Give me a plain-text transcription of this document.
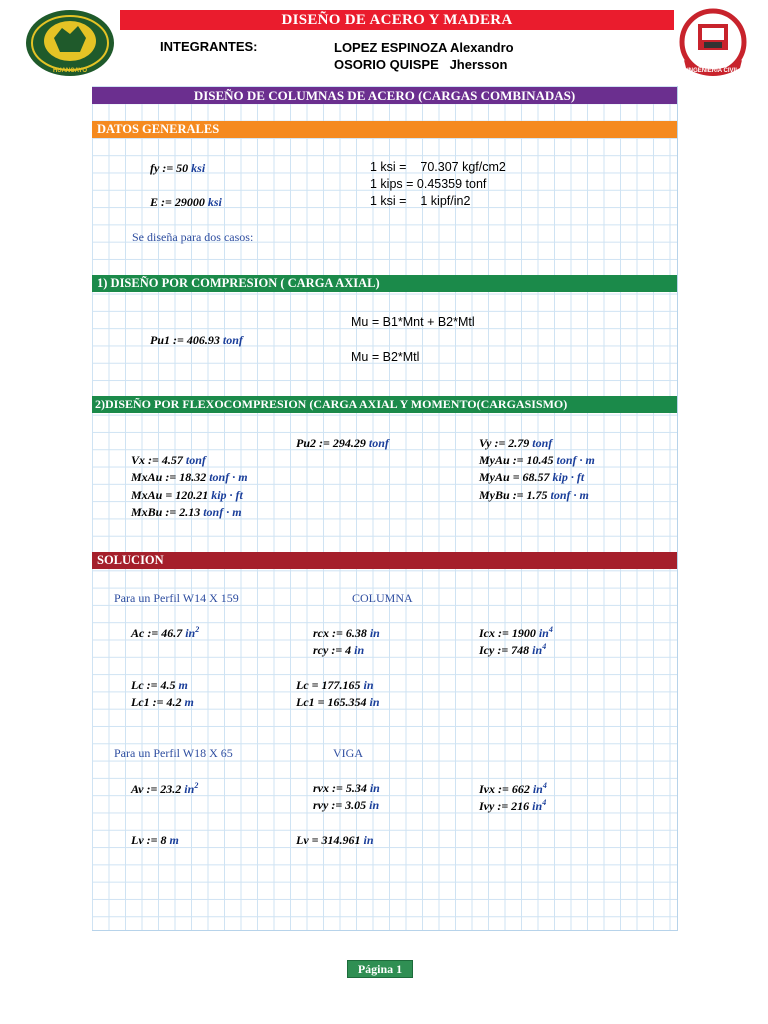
DISEÑO DE ACERO Y MADERA
HUANCAYO	INGENIERIA CIVIL
INTEGRANTES:	LOPEZ ESPINOZA Alexandro
OSORIO QUISPE   Jhersson
DISEÑO DE COLUMNAS DE ACERO (CARGAS COMBINADAS)
DATOS GENERALES
fy := 50 ksi
E := 29000 ksi
1 ksi =    70.307 kgf/cm2
1 kips = 0.45359 tonf
1 ksi =    1 kipf/in2
Se diseña para dos casos:
1) DISEÑO POR COMPRESION ( CARGA AXIAL)
Mu = B1*Mnt + B2*Mtl
Pu1 := 406.93 tonf
Mu = B2*Mtl
2)DISEÑO POR FLEXOCOMPRESION (CARGA AXIAL Y MOMENTO(CARGASISMO)
Pu2 := 294.29 tonf
Vx := 4.57 tonf
MxAu := 18.32 tonf · m
MxAu = 120.21 kip · ft
MxBu := 2.13 tonf · m
Vy := 2.79 tonf
MyAu := 10.45 tonf · m
MyAu = 68.57 kip · ft
MyBu := 1.75 tonf · m
SOLUCION
Para un Perfil W14 X 159	COLUMNA
Ac := 46.7 $in^2$	rcx := 6.38 in
rcy := 4 in
Icx := 1900 $in^4$
Icy := 748 $in^4$
Lc := 4.5 m
Lc1 := 4.2 m
Lc = 177.165 in
Lc1 = 165.354 in
Para un Perfil W18 X 65	VIGA
Av := 23.2 $in^2$	rvx := 5.34 in
rvy := 3.05 in
Ivx := 662 $in^4$
Ivy := 216 $in^4$
Lv := 8 m	Lv = 314.961 in
Página 1
